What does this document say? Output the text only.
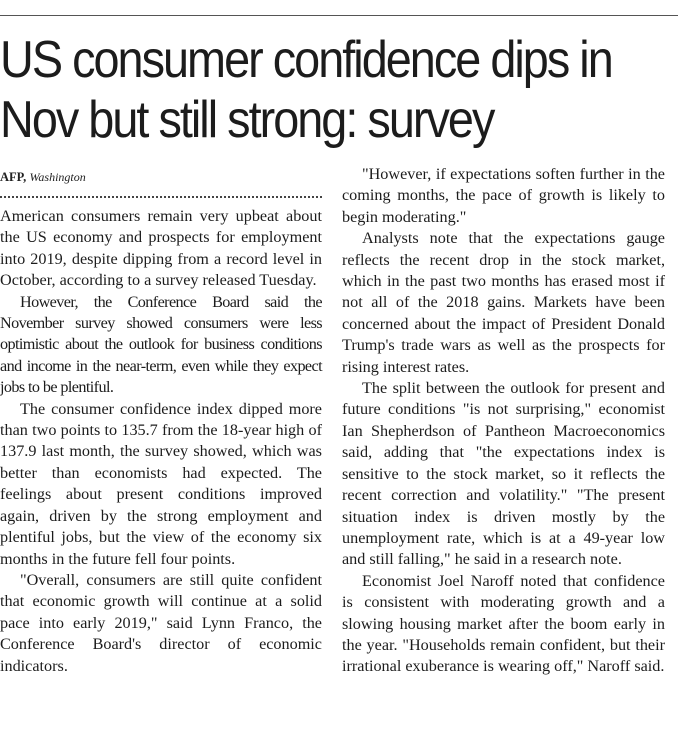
US consumer confidence dips in
Nov but still strong: survey
AFP, Washington

American consumers remain very upbeat about the US economy and prospects for employment into 2019, despite dipping from a record level in October, according to a survey released Tuesday.

However, the Conference Board said the November survey showed consumers were less optimistic about the outlook for business conditions and income in the near-term, even while they expect jobs to be plentiful.

The consumer confidence index dipped more than two points to 135.7 from the 18-year high of 137.9 last month, the survey showed, which was better than economists had expected. The feelings about present conditions improved again, driven by the strong employment and plentiful jobs, but the view of the economy six months in the future fell four points.

"Overall, consumers are still quite confident that economic growth will continue at a solid pace into early 2019," said Lynn Franco, the Conference Board's director of economic indicators.

"However, if expectations soften further in the coming months, the pace of growth is likely to begin moderating."

Analysts note that the expectations gauge reflects the recent drop in the stock market, which in the past two months has erased most if not all of the 2018 gains. Markets have been concerned about the impact of President Donald Trump's trade wars as well as the prospects for rising interest rates.

The split between the outlook for present and future conditions "is not surprising," economist Ian Shepherdson of Pantheon Macroeconomics said, adding that "the expectations index is sensitive to the stock market, so it reflects the recent correction and volatility." "The present situation index is driven mostly by the unemployment rate, which is at a 49-year low and still falling," he said in a research note.

Economist Joel Naroff noted that confidence is consistent with moderating growth and a slowing housing market after the boom early in the year. "Households remain confident, but their irrational exuberance is wearing off," Naroff said.
